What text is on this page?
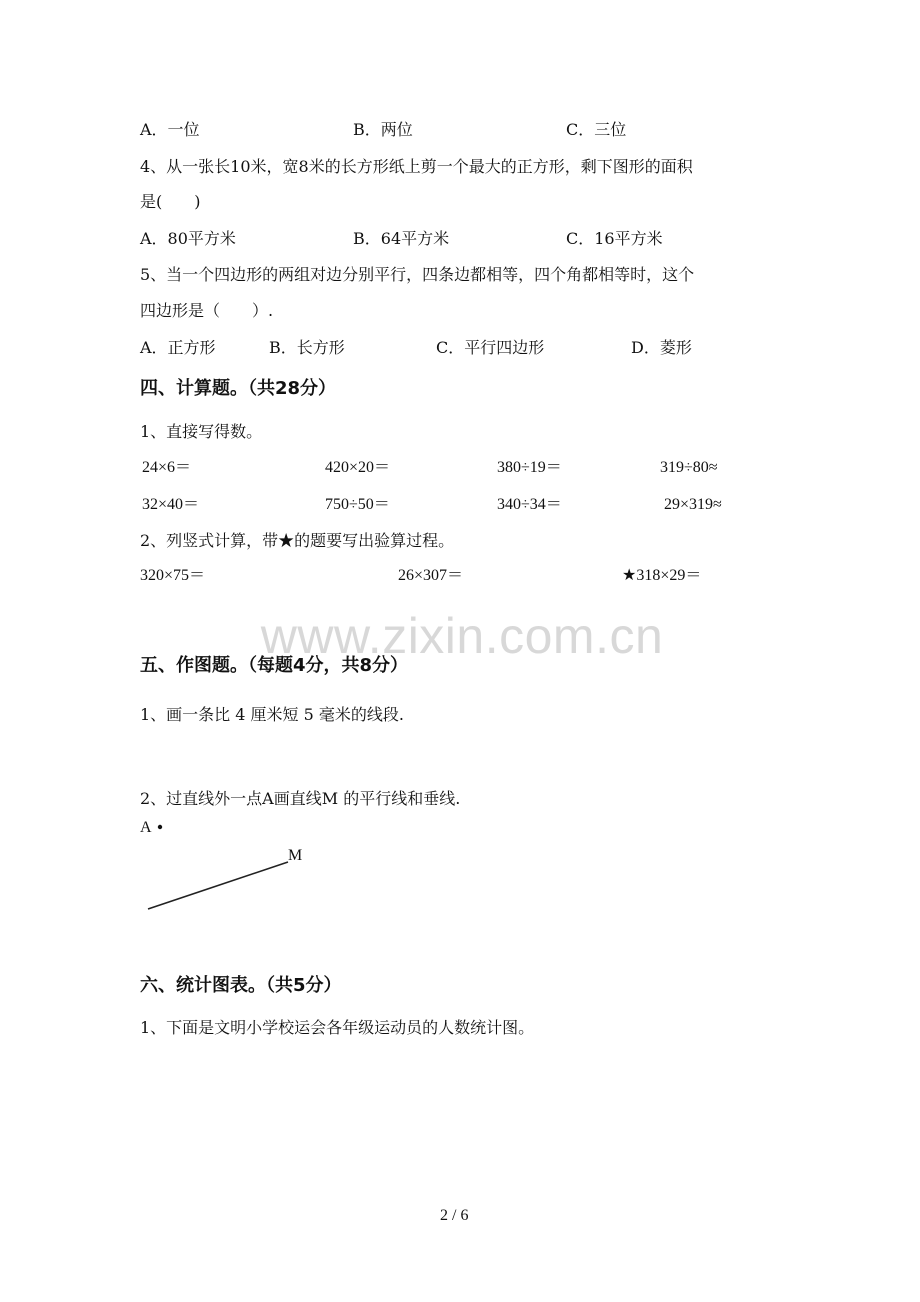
A．一位	B．两位	C．三位
4、从一张长10米，宽8米的长方形纸上剪一个最大的正方形，剩下图形的面积
是(　　)
A．80平方米	B．64平方米	C．16平方米
5、当一个四边形的两组对边分别平行，四条边都相等，四个角都相等时，这个
四边形是（　　）.
A．正方形	B．长方形	C．平行四边形	D．菱形
四、计算题。（共28分）
1、直接写得数。
24×6＝	420×20＝	380÷19＝	319÷80≈
32×40＝	750÷50＝	340÷34＝	29×319≈
2、列竖式计算，带★的题要写出验算过程。
320×75＝	26×307＝	★318×29＝
www.zixin.com.cn
五、作图题。（每题4分，共8分）
1、画一条比 4 厘米短 5 毫米的线段.
2、过直线外一点A画直线M 的平行线和垂线.
A
M
六、统计图表。（共5分）
1、下面是文明小学校运会各年级运动员的人数统计图。
2 / 6
